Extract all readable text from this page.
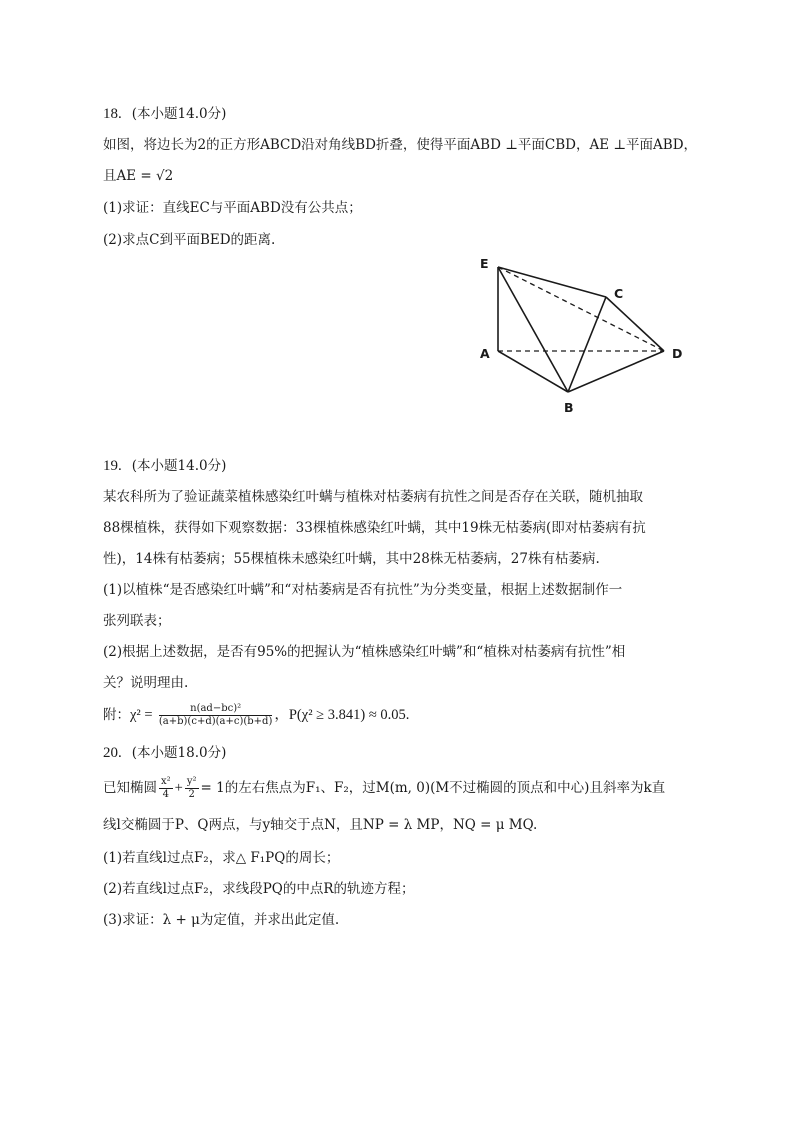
18. (本小题14.0分)
如图，将边长为2的正方形ABCD沿对角线BD折叠，使得平面ABD ⊥平面CBD，AE ⊥平面ABD，
且AE = √2
(1)求证：直线EC与平面ABD没有公共点；
(2)求点C到平面BED的距离.
E
C
A	D
B
19. (本小题14.0分)
某农科所为了验证蔬菜植株感染红叶螨与植株对枯萎病有抗性之间是否存在关联，随机抽取
88棵植株，获得如下观察数据：33棵植株感染红叶螨，其中19株无枯萎病(即对枯萎病有抗
性)，14株有枯萎病；55棵植株未感染红叶螨，其中28株无枯萎病，27株有枯萎病.
(1)以植株“是否感染红叶螨”和“对枯萎病是否有抗性”为分类变量，根据上述数据制作一
张列联表；
(2)根据上述数据，是否有95%的把握认为“植株感染红叶螨”和“植株对枯萎病有抗性”相
关？说明理由.
附：$\chi^2 = \frac{\text{n(ad−bc)²}}{(a+b)(c+d)(a+c)(b+d)}$ ，P(χ² ≥ 3.841) ≈ 0.05.
20. (本小题18.0分)
已知椭圆 $\frac{\text{x²}}{4} + \frac{\text{y²}}{2} = 1$的左右焦点为F₁、F₂，过M(m, 0)(M不过椭圆的顶点和中心)且斜率为k直
线l交椭圆于P、Q两点，与y轴交于点N，且NP = λ MP，NQ = μ MQ.
(1)若直线l过点F₂，求△ F₁PQ的周长；
(2)若直线l过点F₂，求线段PQ的中点R的轨迹方程；
(3)求证：λ + μ为定值，并求出此定值.
